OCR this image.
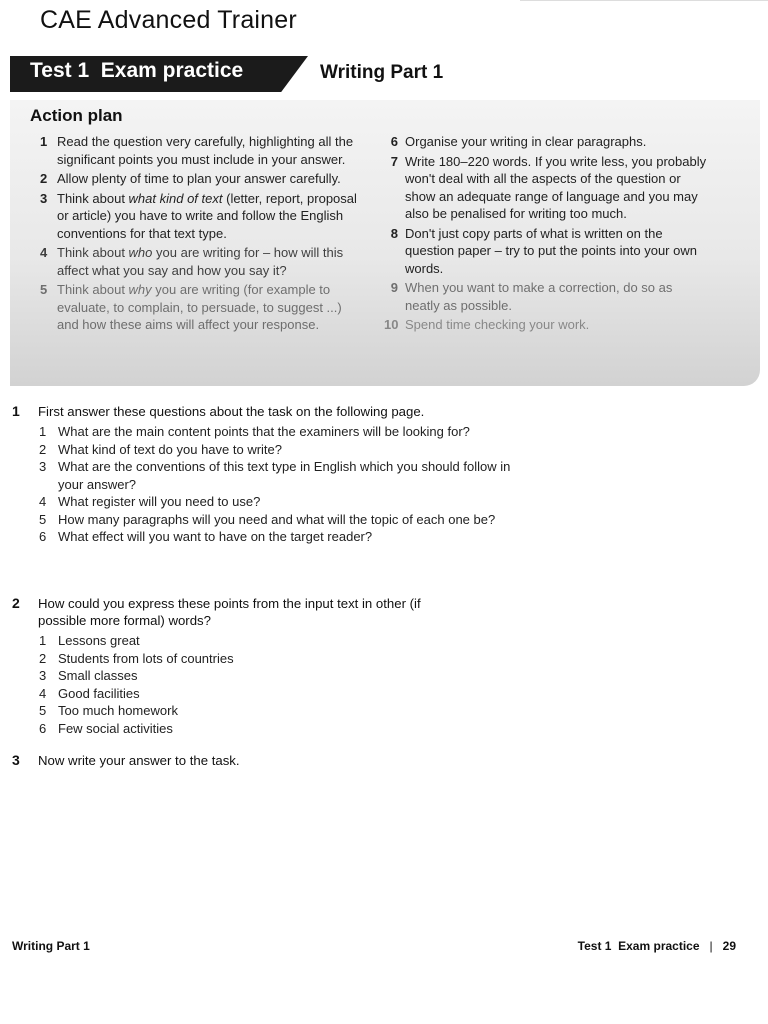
CAE Advanced Trainer
Test 1  Exam practice	Writing Part 1
Action plan
1 Read the question very carefully, highlighting all the significant points you must include in your answer.
2 Allow plenty of time to plan your answer carefully.
3 Think about what kind of text (letter, report, proposal or article) you have to write and follow the English conventions for that text type.
4 Think about who you are writing for – how will this affect what you say and how you say it?
5 Think about why you are writing (for example to evaluate, to complain, to persuade, to suggest ...) and how these aims will affect your response.
6 Organise your writing in clear paragraphs.
7 Write 180–220 words. If you write less, you probably won't deal with all the aspects of the question or show an adequate range of language and you may also be penalised for writing too much.
8 Don't just copy parts of what is written on the question paper – try to put the points into your own words.
9 When you want to make a correction, do so as neatly as possible.
10 Spend time checking your work.
1 First answer these questions about the task on the following page.
1 What are the main content points that the examiners will be looking for?
2 What kind of text do you have to write?
3 What are the conventions of this text type in English which you should follow in your answer?
4 What register will you need to use?
5 How many paragraphs will you need and what will the topic of each one be?
6 What effect will you want to have on the target reader?
2 How could you express these points from the input text in other (if possible more formal) words?
1 Lessons great
2 Students from lots of countries
3 Small classes
4 Good facilities
5 Too much homework
6 Few social activities
3 Now write your answer to the task.
Writing Part 1	Test 1  Exam practice | 29
